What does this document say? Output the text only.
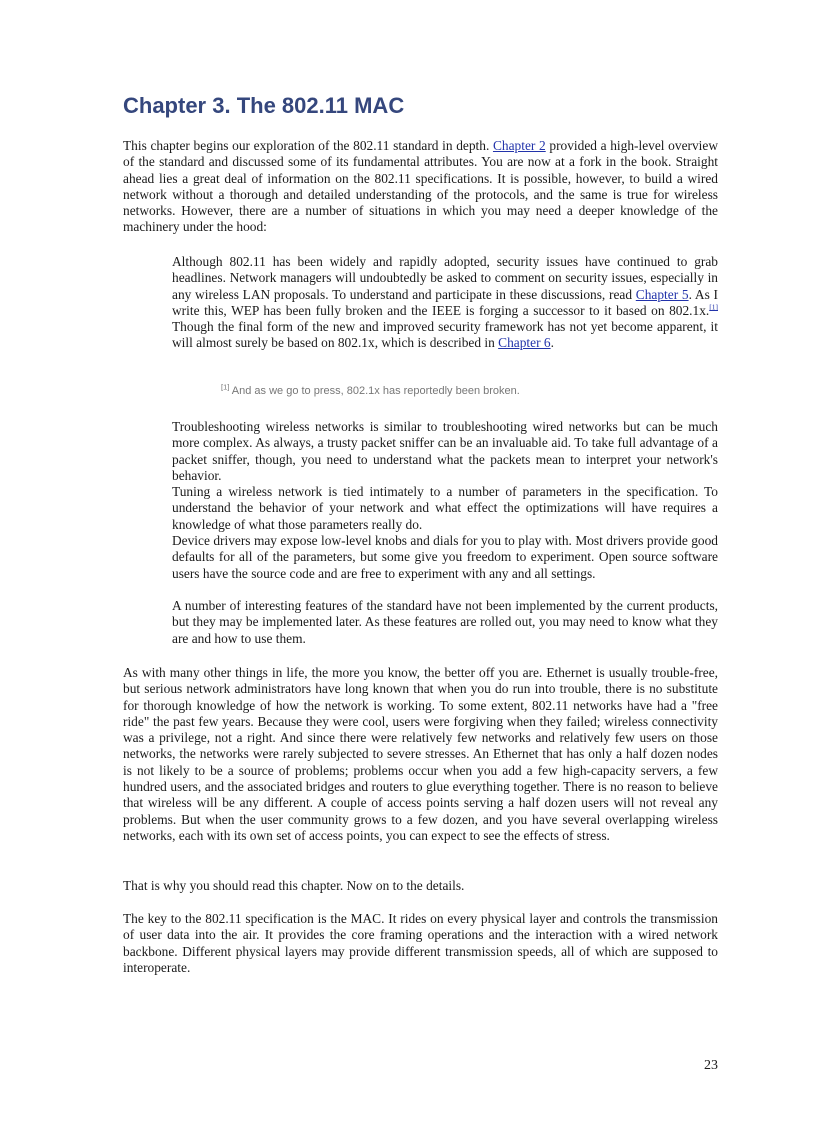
Chapter 3. The 802.11 MAC

This chapter begins our exploration of the 802.11 standard in depth. Chapter 2 provided a high-level overview of the standard and discussed some of its fundamental attributes. You are now at a fork in the book. Straight ahead lies a great deal of information on the 802.11 specifications. It is possible, however, to build a wired network without a thorough and detailed understanding of the protocols, and the same is true for wireless networks. However, there are a number of situations in which you may need a deeper knowledge of the machinery under the hood:

Although 802.11 has been widely and rapidly adopted, security issues have continued to grab headlines. Network managers will undoubtedly be asked to comment on security issues, especially in any wireless LAN proposals. To understand and participate in these discussions, read Chapter 5. As I write this, WEP has been fully broken and the IEEE is forging a successor to it based on 802.1x.[1] Though the final form of the new and improved security framework has not yet become apparent, it will almost surely be based on 802.1x, which is described in Chapter 6.

[1] And as we go to press, 802.1x has reportedly been broken.

Troubleshooting wireless networks is similar to troubleshooting wired networks but can be much more complex. As always, a trusty packet sniffer can be an invaluable aid. To take full advantage of a packet sniffer, though, you need to understand what the packets mean to interpret your network's behavior.

Tuning a wireless network is tied intimately to a number of parameters in the specification. To understand the behavior of your network and what effect the optimizations will have requires a knowledge of what those parameters really do.

Device drivers may expose low-level knobs and dials for you to play with. Most drivers provide good defaults for all of the parameters, but some give you freedom to experiment. Open source software users have the source code and are free to experiment with any and all settings.

A number of interesting features of the standard have not been implemented by the current products, but they may be implemented later. As these features are rolled out, you may need to know what they are and how to use them.

As with many other things in life, the more you know, the better off you are. Ethernet is usually trouble-free, but serious network administrators have long known that when you do run into trouble, there is no substitute for thorough knowledge of how the network is working. To some extent, 802.11 networks have had a "free ride" the past few years. Because they were cool, users were forgiving when they failed; wireless connectivity was a privilege, not a right. And since there were relatively few networks and relatively few users on those networks, the networks were rarely subjected to severe stresses. An Ethernet that has only a half dozen nodes is not likely to be a source of problems; problems occur when you add a few high-capacity servers, a few hundred users, and the associated bridges and routers to glue everything together. There is no reason to believe that wireless will be any different. A couple of access points serving a half dozen users will not reveal any problems. But when the user community grows to a few dozen, and you have several overlapping wireless networks, each with its own set of access points, you can expect to see the effects of stress.

That is why you should read this chapter. Now on to the details.

The key to the 802.11 specification is the MAC. It rides on every physical layer and controls the transmission of user data into the air. It provides the core framing operations and the interaction with a wired network backbone. Different physical layers may provide different transmission speeds, all of which are supposed to interoperate.

23
